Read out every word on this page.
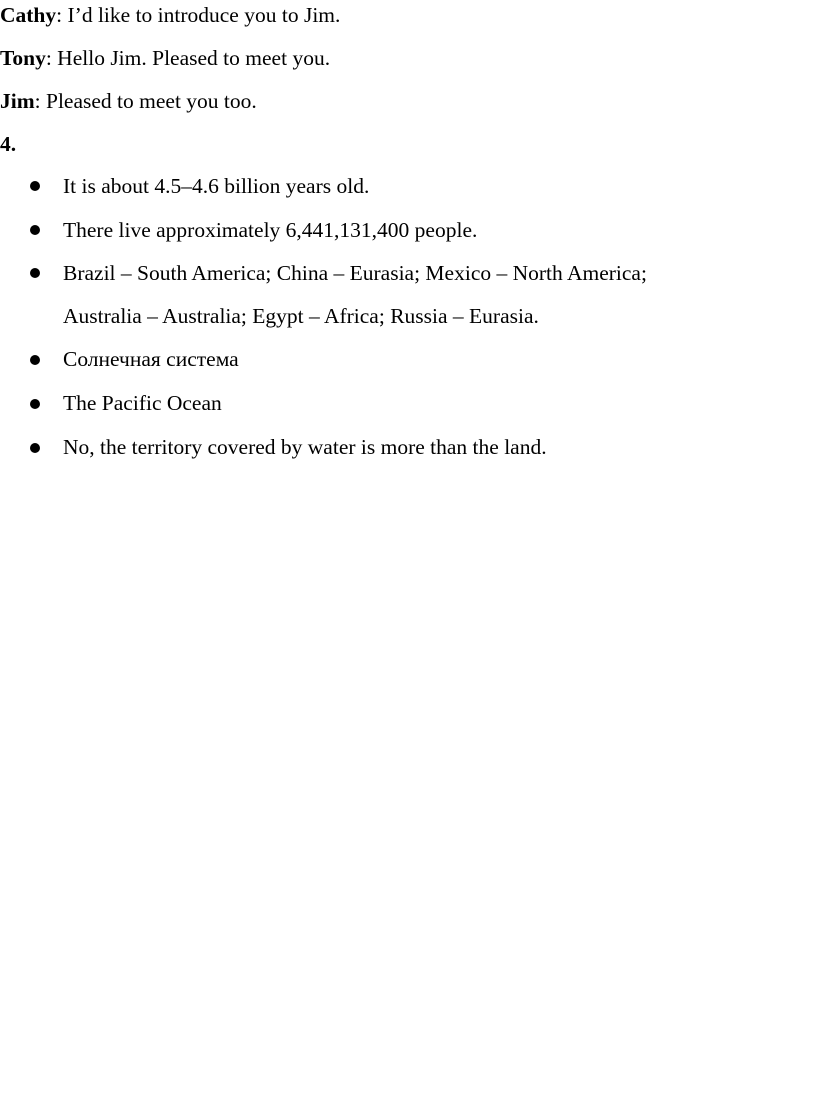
Cathy: I’d like to introduce you to Jim.
Tony: Hello Jim. Pleased to meet you.
Jim: Pleased to meet you too.
4.
It is about 4.5–4.6 billion years old.
There live approximately 6,441,131,400 people.
Brazil – South America; China – Eurasia; Mexico – North America;
Australia – Australia; Egypt – Africa; Russia – Eurasia.
Солнечная система
The Pacific Ocean
No, the territory covered by water is more than the land.
